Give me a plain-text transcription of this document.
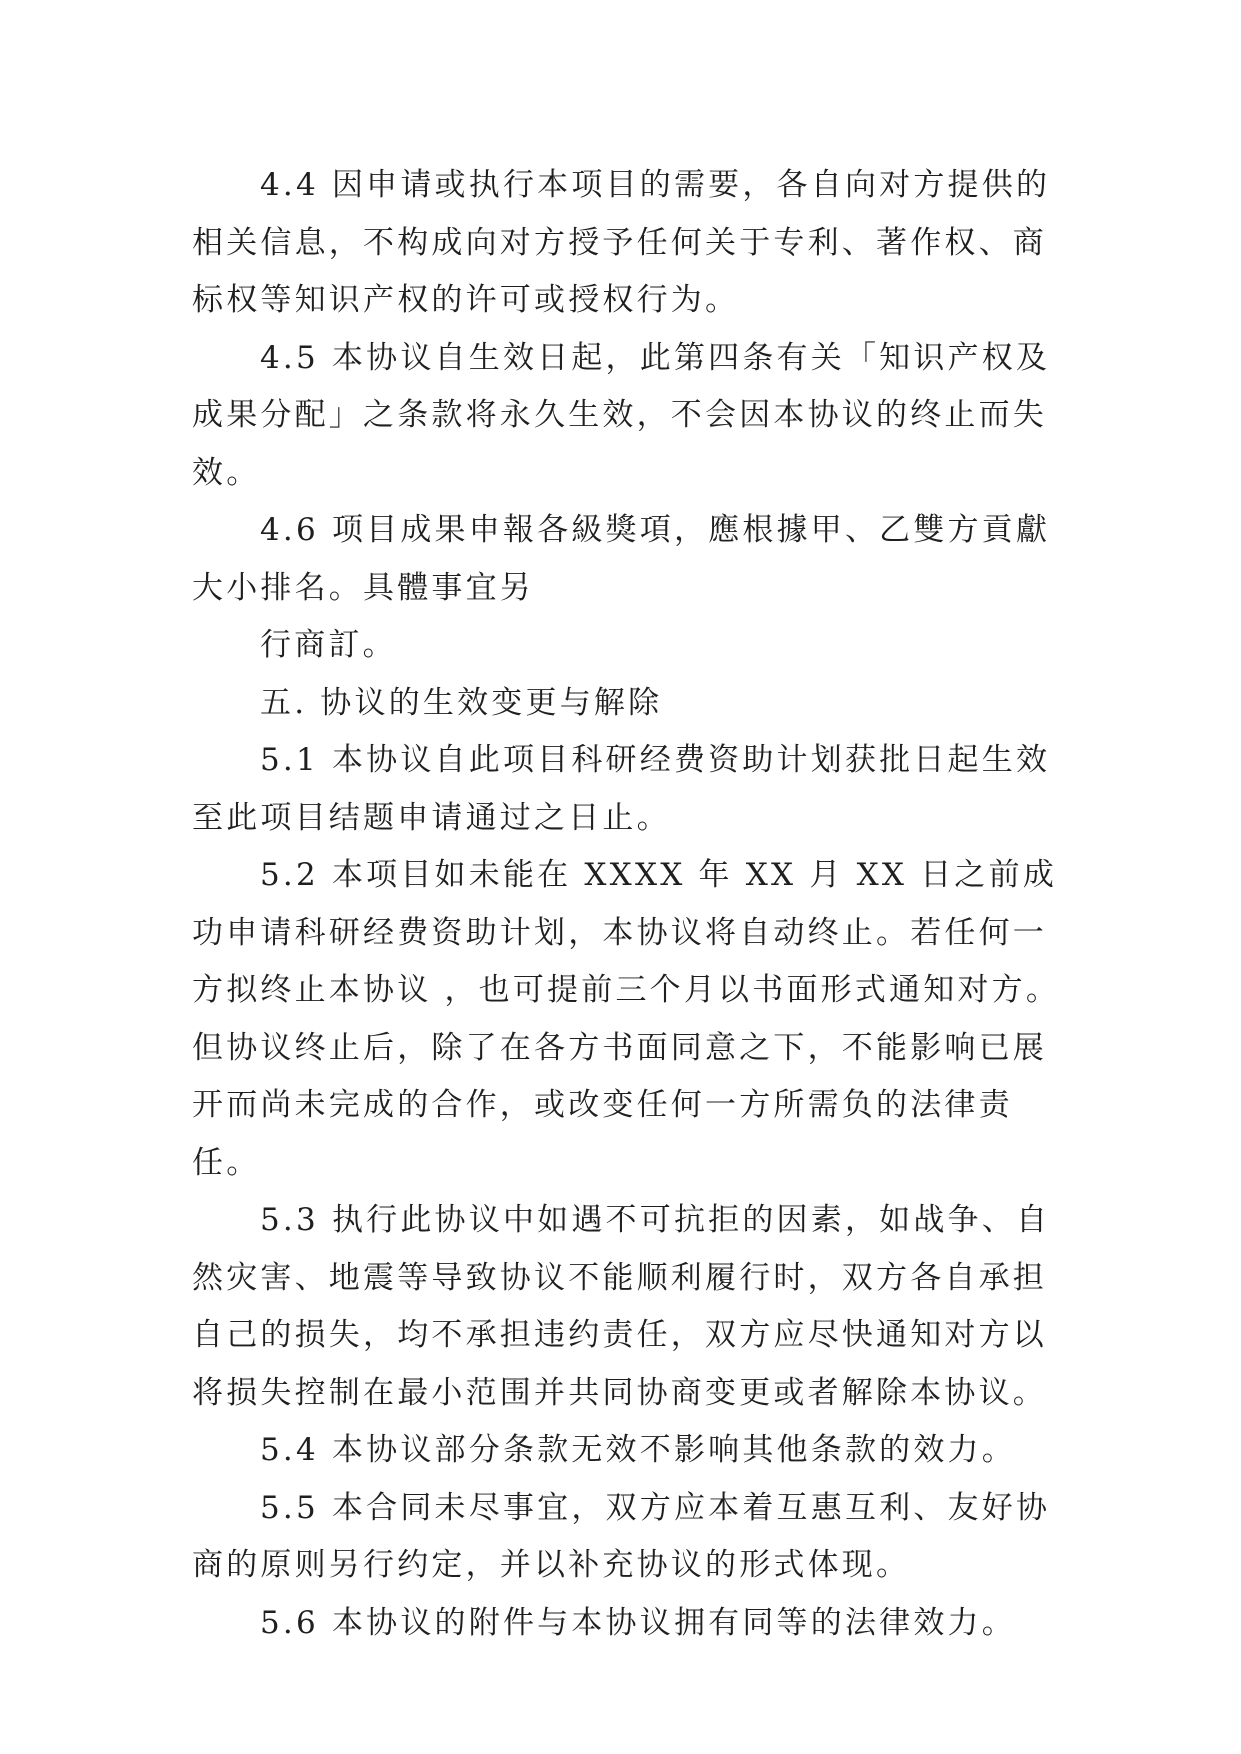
4.4 因申请或执行本项目的需要，各自向对方提供的相关信息，不构成向对方授予任何关于专利、著作权、商标权等知识产权的许可或授权行为。

4.5 本协议自生效日起，此第四条有关「知识产权及成果分配」之条款将永久生效，不会因本协议的终止而失效。

4.6 项目成果申報各級獎項，應根據甲、乙雙方貢獻大小排名。具體事宜另

行商訂。

五. 协议的生效变更与解除

5.1 本协议自此项目科研经费资助计划获批日起生效至此项目结题申请通过之日止。

5.2 本项目如未能在 XXXX 年 XX 月 XX 日之前成功申请科研经费资助计划，本协议将自动终止。若任何一方拟终止本协议 ，也可提前三个月以书面形式通知对方。但协议终止后，除了在各方书面同意之下，不能影响已展开而尚未完成的合作，或改变任何一方所需负的法律责任。

5.3 执行此协议中如遇不可抗拒的因素，如战争、自然灾害、地震等导致协议不能顺利履行时，双方各自承担自己的损失，均不承担违约责任，双方应尽快通知对方以将损失控制在最小范围并共同协商变更或者解除本协议。

5.4 本协议部分条款无效不影响其他条款的效力。

5.5 本合同未尽事宜，双方应本着互惠互利、友好协商的原则另行约定，并以补充协议的形式体现。

5.6 本协议的附件与本协议拥有同等的法律效力。
